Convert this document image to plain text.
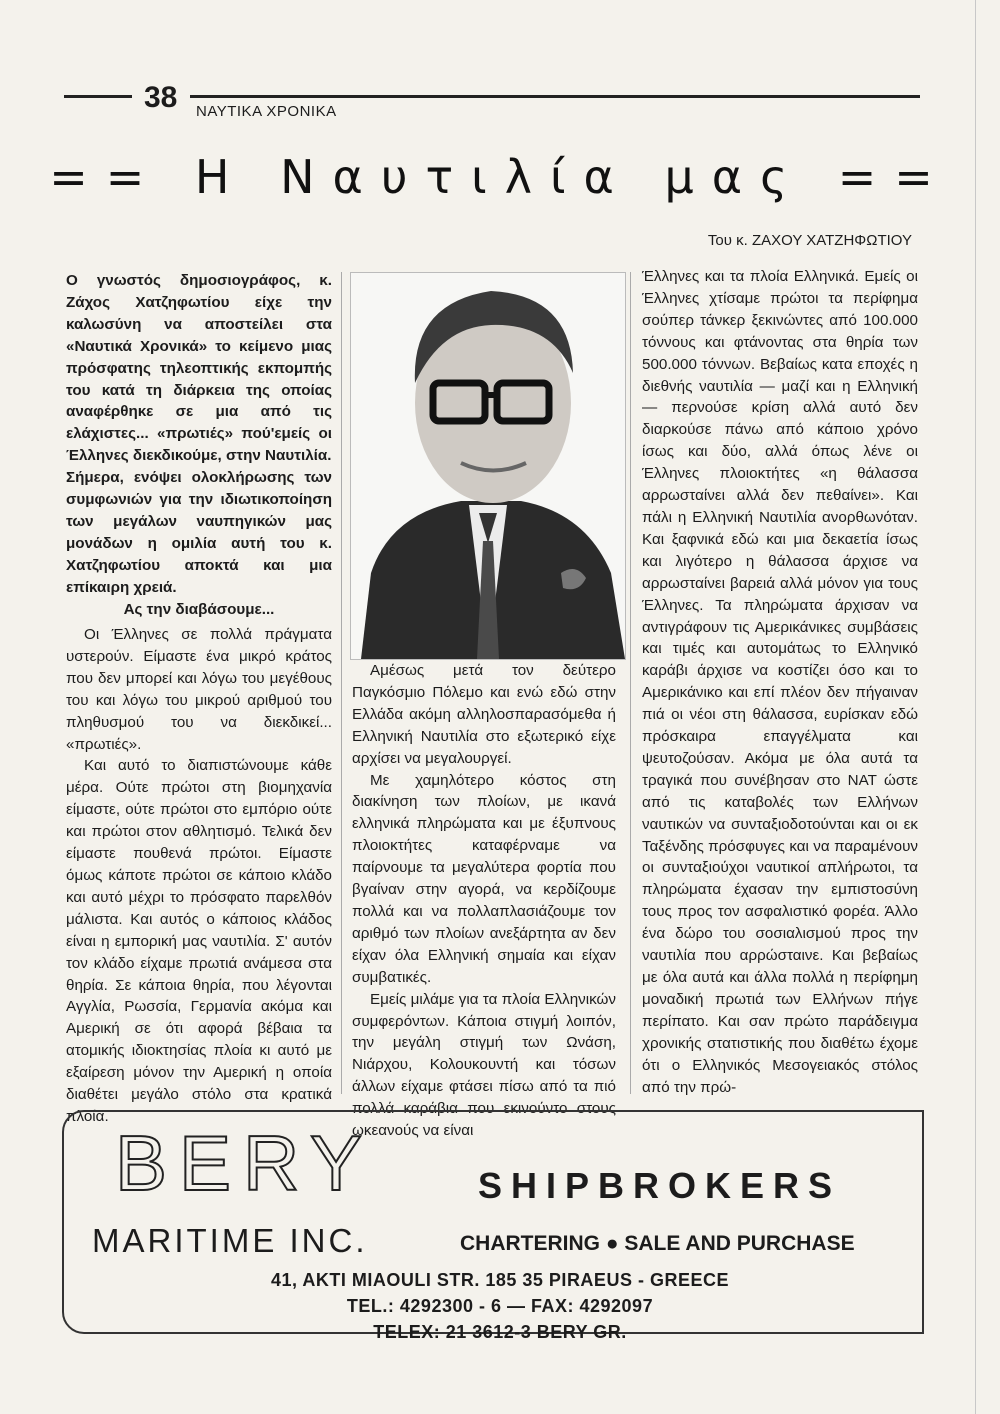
38 ΝΑΥΤΙΚΑ ΧΡΟΝΙΚΑ
== Η Ναυτιλία μας ==
Του κ. ΖΑΧΟΥ ΧΑΤΖΗΦΩΤΙΟΥ

Ο γνωστός δημοσιογράφος, κ. Ζάχος Χατζηφωτίου είχε την καλωσύνη να αποστείλει στα «Ναυτικά Χρονικά» το κείμενο μιας πρόσφατης τηλεοπτικής εκπομπής του κατά τη διάρκεια της οποίας αναφέρθηκε σε μια από τις ελάχιστες... «πρωτιές» πού'εμείς οι Έλληνες διεκδικούμε, στην Ναυτιλία.

Σήμερα, ενόψει ολοκλήρωσης των συμφωνιών για την ιδιωτικοποίηση των μεγάλων ναυπηγικών μας μονάδων η ομιλία αυτή του κ. Χατζηφωτίου αποκτά και μια επίκαιρη χρειά.

Ας την διαβάσουμε...

Οι Έλληνες σε πολλά πράγματα υστερούν. Είμαστε ένα μικρό κράτος που δεν μπορεί και λόγω του μεγέθους του και λόγω του μικρού αριθμού του πληθυσμού του να διεκδικεί... «πρωτιές».

Και αυτό το διαπιστώνουμε κάθε μέρα. Ούτε πρώτοι στη βιομηχανία είμαστε, ούτε πρώτοι στο εμπόριο ούτε και πρώτοι στον αθλητισμό. Τελικά δεν είμαστε πουθενά πρώτοι. Είμαστε όμως κάποτε πρώτοι σε κάποιο κλάδο και αυτό μέχρι το πρόσφατο παρελθόν μάλιστα. Και αυτός ο κάποιος κλάδος είναι η εμπορική μας ναυτιλία. Σ' αυτόν τον κλάδο είχαμε πρωτιά ανάμεσα στα θηρία. Σε κάποια θηρία, που λέγονται Αγγλία, Ρωσσία, Γερμανία ακόμα και Αμερική σε ότι αφορά βέβαια τα ατομικής ιδιοκτησίας πλοία κι αυτό με εξαίρεση μόνον την Αμερική η οποία διαθέτει μεγάλο στόλο στα κρατικά πλοία.

Αμέσως μετά τον δεύτερο Παγκόσμιο Πόλεμο και ενώ εδώ στην Ελλάδα ακόμη αλληλοσπαρασόμεθα ή Ελληνική Ναυτιλία στο εξωτερικό είχε αρχίσει να μεγαλουργεί.

Με χαμηλότερο κόστος στη διακίνηση των πλοίων, με ικανά ελληνικά πληρώματα και με έξυπνους πλοιοκτήτες καταφέρναμε να παίρνουμε τα μεγαλύτερα φορτία που βγαίναν στην αγορά, να κερδίζουμε πολλά και να πολλαπλασιάζουμε τον αριθμό των πλοίων ανεξάρτητα αν δεν είχαν όλα Ελληνική σημαία και είχαν συμβατικές.

Εμείς μιλάμε για τα πλοία Ελληνικών συμφερόντων. Κάποια στιγμή λοιπόν, την μεγάλη στιγμή των Ωνάση, Νιάρχου, Κολουκουντή και τόσων άλλων είχαμε φτάσει πίσω από τα πιό πολλά καράβια που εκινούντο στους ωκεανούς να είναι

Έλληνες και τα πλοία Ελληνικά. Εμείς οι Έλληνες χτίσαμε πρώτοι τα περίφημα σούπερ τάνκερ ξεκινώντες από 100.000 τόννους και φτάνοντας στα θηρία των 500.000 τόννων. Βεβαίως κατα εποχές η διεθνής ναυτιλία — μαζί και η Ελληνική — περνούσε κρίση αλλά αυτό δεν διαρκούσε πάνω από κάποιο χρόνο ίσως και δύο, αλλά όπως λένε οι Έλληνες πλοιοκτήτες «η θάλασσα αρρωσταίνει αλλά δεν πεθαίνει». Και πάλι η Ελληνική Ναυτιλία ανορθωνόταν. Και ξαφνικά εδώ και μια δεκαετία ίσως και λιγότερο η θάλασσα άρχισε να αρρωσταίνει βαρειά αλλά μόνον για τους Έλληνες. Τα πληρώματα άρχισαν να αντιγράφουν τις Αμερικάνικες συμβάσεις και τιμές και αυτομάτως το Ελληνικό καράβι άρχισε να κοστίζει όσο και το Αμερικάνικο και επί πλέον δεν πήγαιναν πιά οι νέοι στη θάλασσα, ευρίσκαν εδώ πρόσκαιρα επαγγέλματα και ψευτοζούσαν. Ακόμα με όλα αυτά τα τραγικά που συνέβησαν στο ΝΑΤ ώστε από τις καταβολές των Ελλήνων ναυτικών να συνταξιοδοτούνται και οι εκ Ταξένδης πρόσφυγες και να παραμένουν οι συνταξιούχοι ναυτικοί απλήρωτοι, τα πληρώματα έχασαν την εμπιστοσύνη τους προς τον ασφαλιστικό φορέα. Άλλο ένα δώρο του σοσιαλισμού προς την ναυτιλία που αρρώσταινε. Και βεβαίως με όλα αυτά και άλλα πολλά η περίφημη μοναδική πρωτιά των Ελλήνων πήγε περίπατο. Και σαν πρώτο παράδειγμα χρονικής στατιστικής που διαθέτω έχομε ότι ο Ελληνικός Μεσογειακός στόλος από την πρώ-

BERY	SHIPBROKERS
MARITIME INC.	CHARTERING ● SALE AND PURCHASE
41, AKTI MIAOULI STR. 185 35 PIRAEUS - GREECE
TEL.: 4292300 - 6 — FAX: 4292097
TELEX: 21 3612-3 BERY GR.
